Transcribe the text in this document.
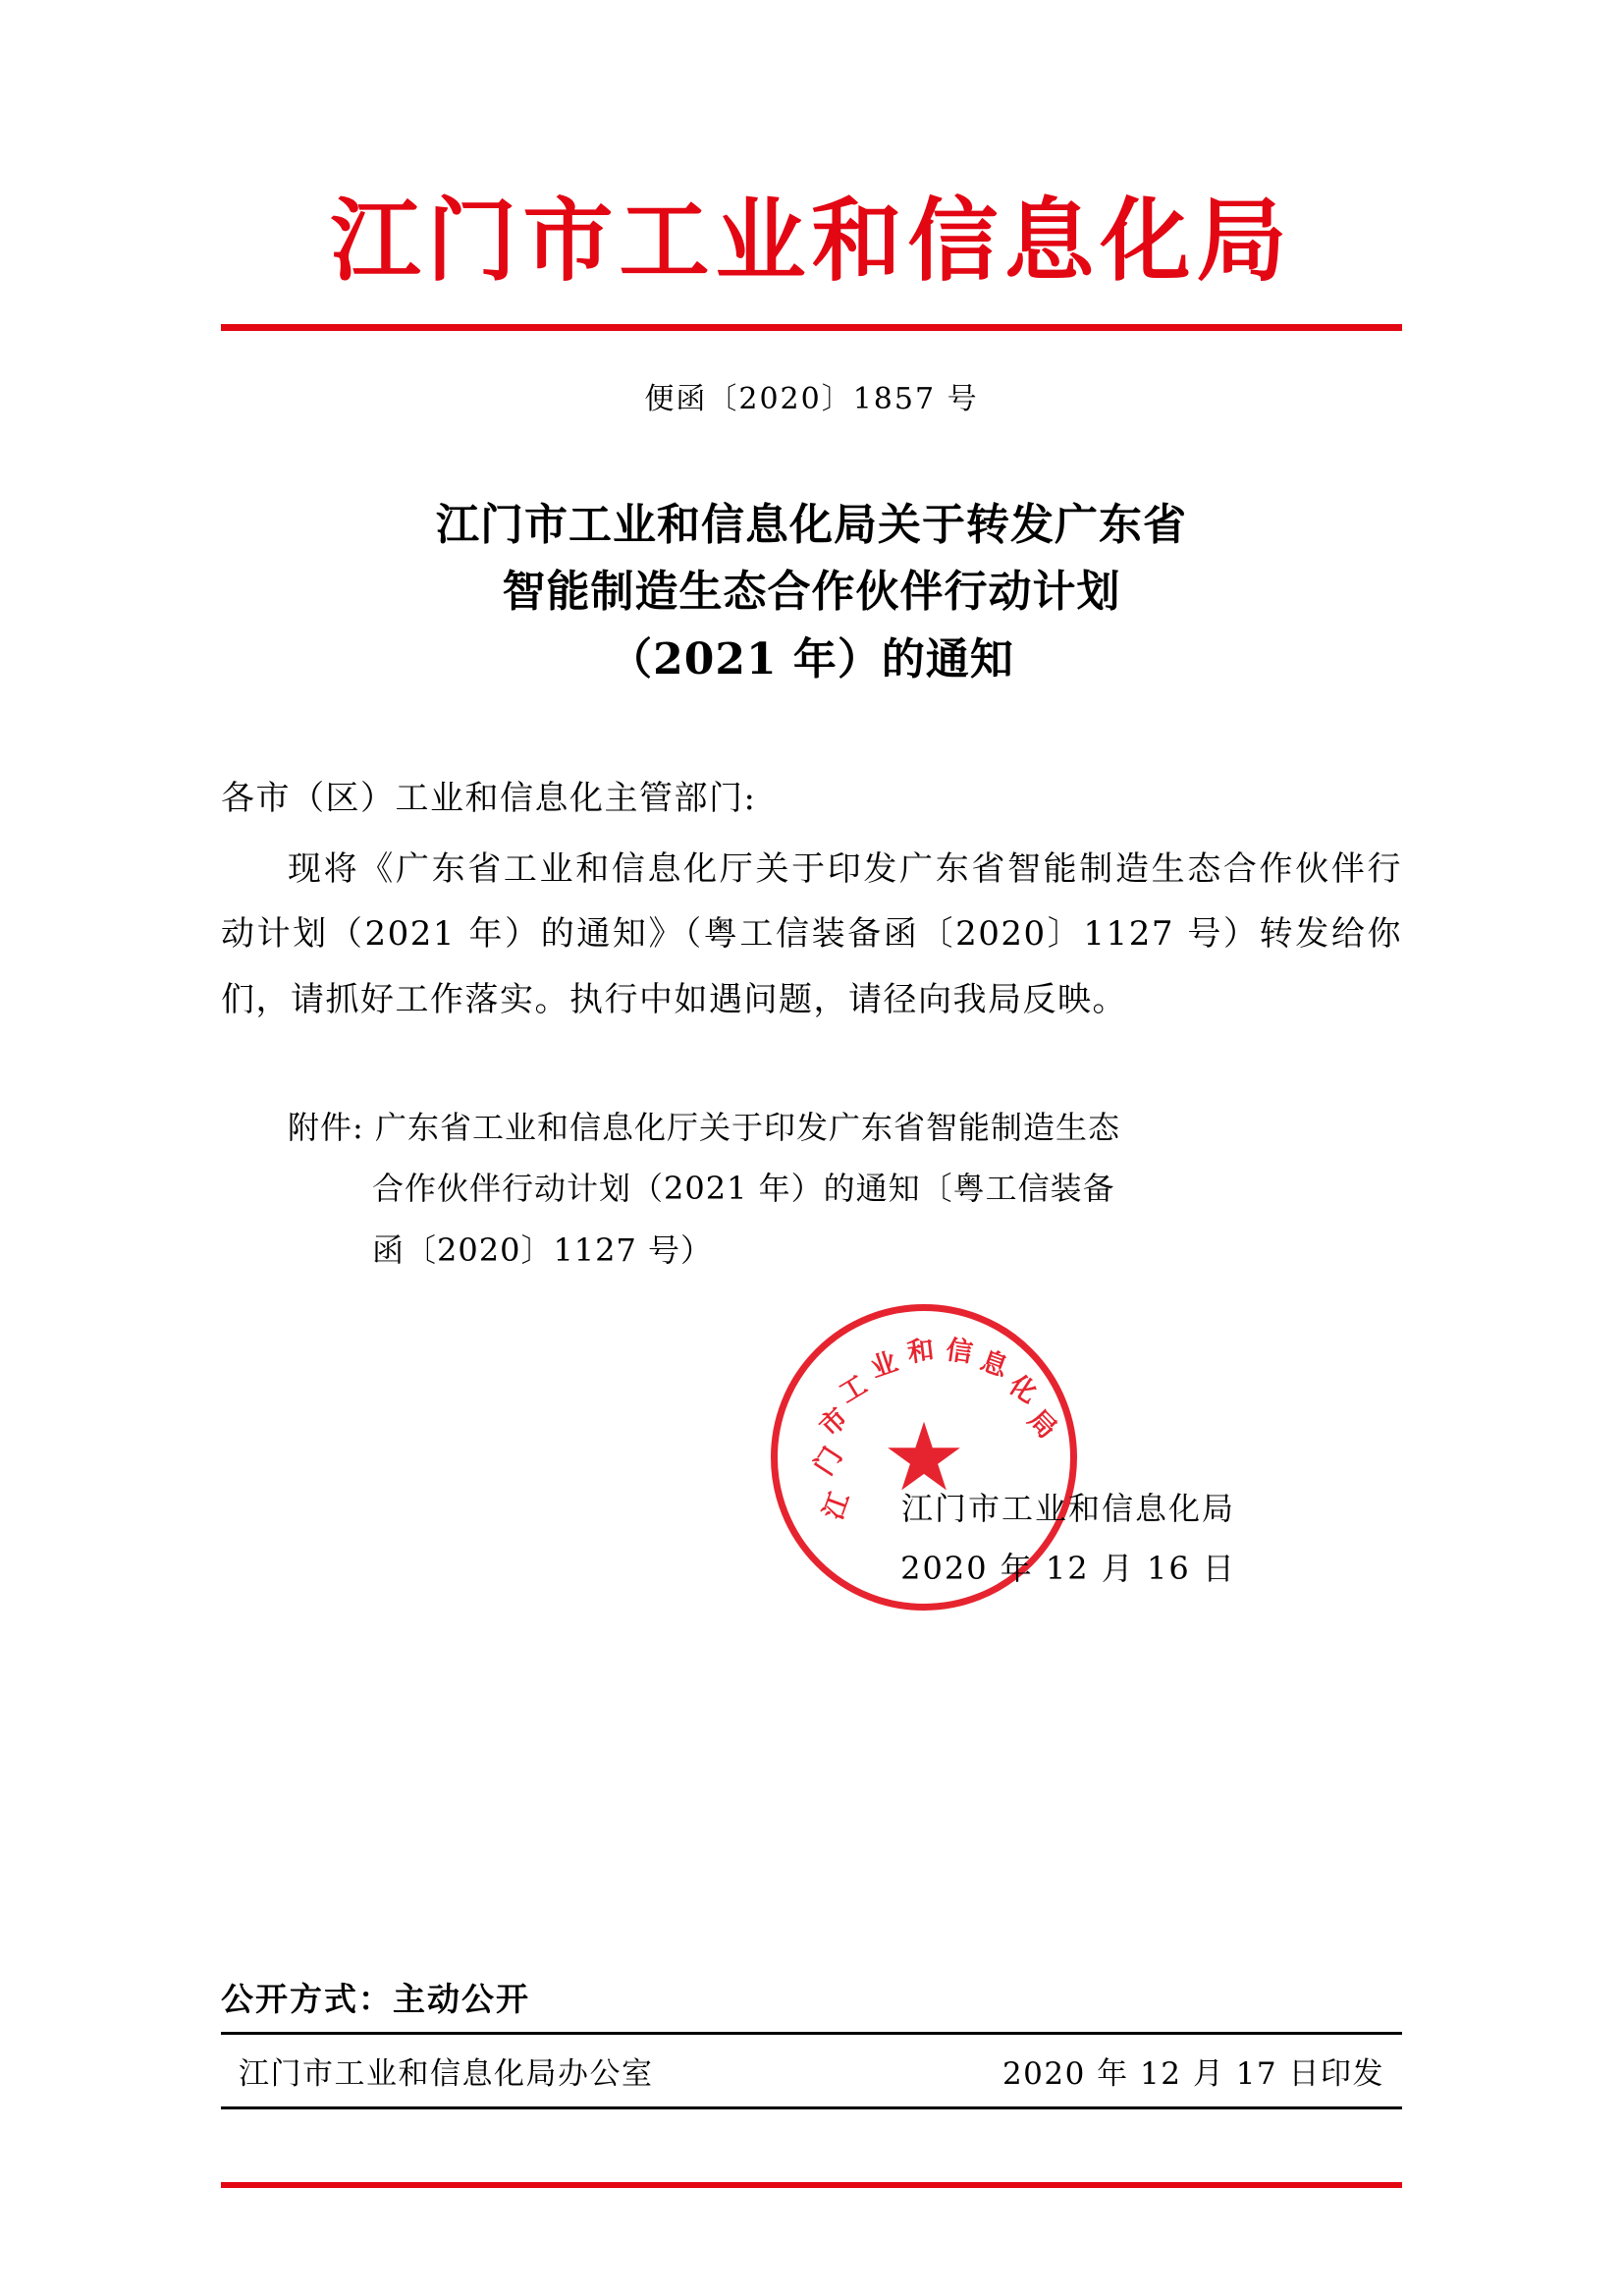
江门市工业和信息化局
便函〔2020〕1857 号
江门市工业和信息化局关于转发广东省
智能制造生态合作伙伴行动计划
（2021 年）的通知
各市（区）工业和信息化主管部门:
现将《广东省工业和信息化厅关于印发广东省智能制造生态合作伙伴行动计划（2021 年）的通知》（粤工信装备函〔2020〕1127 号）转发给你们，请抓好工作落实。执行中如遇问题，请径向我局反映。
附件: 广东省工业和信息化厅关于印发广东省智能制造生态
合作伙伴行动计划（2021 年）的通知〔粤工信装备
函〔2020〕1127 号）
★
江
门
市
工
业 和 信 息
化
局
江门市工业和信息化局
2020 年 12 月 16 日
公开方式：主动公开
江门市工业和信息化局办公室	2020 年 12 月 17 日印发
